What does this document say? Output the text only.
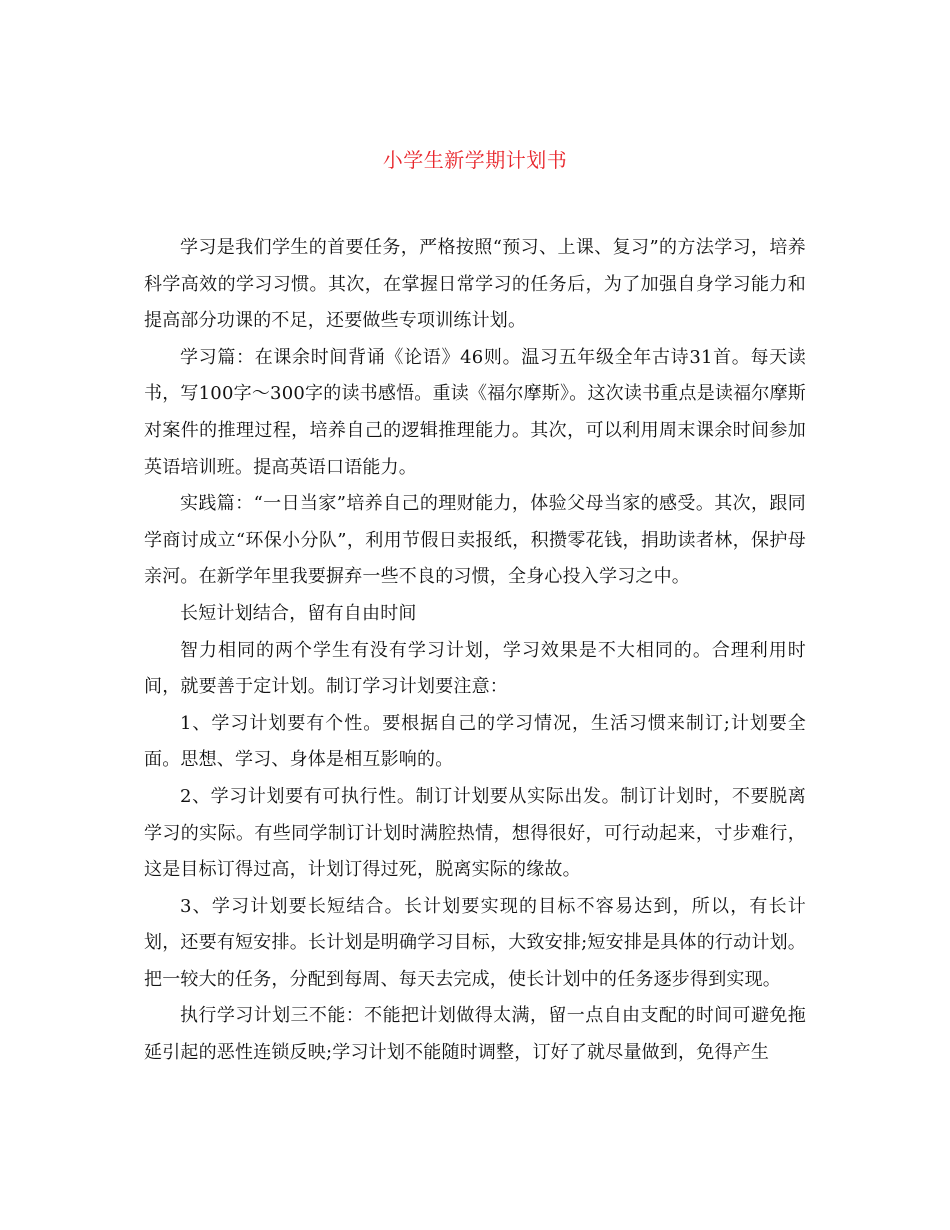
小学生新学期计划书

学习是我们学生的首要任务，严格按照“预习、上课、复习”的方法学习，培养科学高效的学习习惯。其次，在掌握日常学习的任务后，为了加强自身学习能力和提高部分功课的不足，还要做些专项训练计划。

学习篇：在课余时间背诵《论语》46则。温习五年级全年古诗31首。每天读书，写100字～300字的读书感悟。重读《福尔摩斯》。这次读书重点是读福尔摩斯对案件的推理过程，培养自己的逻辑推理能力。其次，可以利用周末课余时间参加英语培训班。提高英语口语能力。

实践篇：“一日当家”培养自己的理财能力，体验父母当家的感受。其次，跟同学商讨成立“环保小分队”，利用节假日卖报纸，积攒零花钱，捐助读者林，保护母亲河。在新学年里我要摒弃一些不良的习惯，全身心投入学习之中。

长短计划结合，留有自由时间

智力相同的两个学生有没有学习计划，学习效果是不大相同的。合理利用时间，就要善于定计划。制订学习计划要注意：

1、学习计划要有个性。要根据自己的学习情况，生活习惯来制订;计划要全面。思想、学习、身体是相互影响的。

2、学习计划要有可执行性。制订计划要从实际出发。制订计划时，不要脱离学习的实际。有些同学制订计划时满腔热情，想得很好，可行动起来，寸步难行，这是目标订得过高，计划订得过死，脱离实际的缘故。

3、学习计划要长短结合。长计划要实现的目标不容易达到，所以，有长计划，还要有短安排。长计划是明确学习目标，大致安排;短安排是具体的行动计划。把一较大的任务，分配到每周、每天去完成，使长计划中的任务逐步得到实现。

执行学习计划三不能：不能把计划做得太满，留一点自由支配的时间可避免拖延引起的恶性连锁反映;学习计划不能随时调整，订好了就尽量做到，免得产生
